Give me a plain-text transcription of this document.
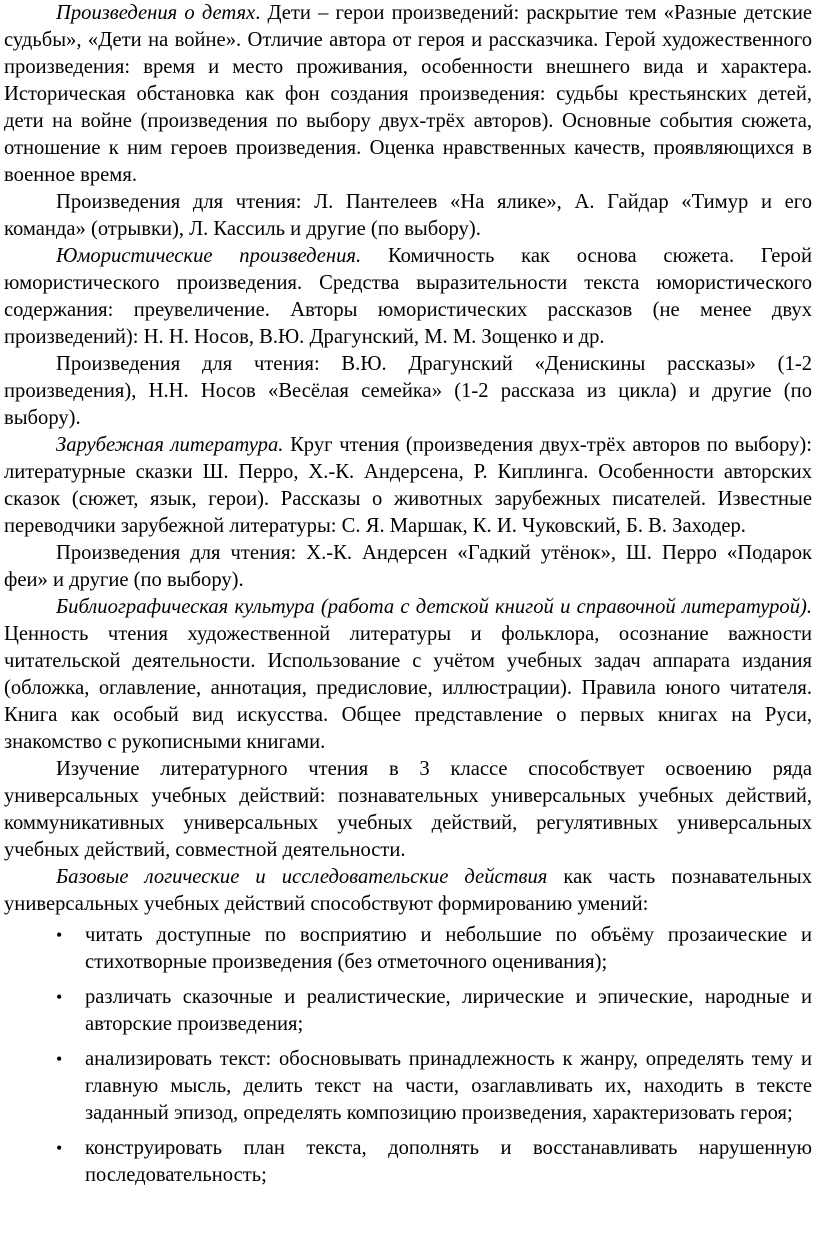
Произведения о детях. Дети – герои произведений: раскрытие тем «Разные детские судьбы», «Дети на войне». Отличие автора от героя и рассказчика. Герой художественного произведения: время и место проживания, особенности внешнего вида и характера. Историческая обстановка как фон создания произведения: судьбы крестьянских детей, дети на войне (произведения по выбору двух-трёх авторов). Основные события сюжета, отношение к ним героев произведения. Оценка нравственных качеств, проявляющихся в военное время.

Произведения для чтения: Л. Пантелеев «На ялике», А. Гайдар «Тимур и его команда» (отрывки), Л. Кассиль и другие (по выбору).

Юмористические произведения. Комичность как основа сюжета. Герой юмористического произведения. Средства выразительности текста юмористического содержания: преувеличение. Авторы юмористических рассказов (не менее двух произведений): Н. Н. Носов, В.Ю. Драгунский, М. М. Зощенко и др.

Произведения для чтения: В.Ю. Драгунский «Денискины рассказы» (1-2 произведения), Н.Н. Носов «Весёлая семейка» (1-2 рассказа из цикла) и другие (по выбору).

Зарубежная литература. Круг чтения (произведения двух-трёх авторов по выбору): литературные сказки Ш. Перро, Х.-К. Андерсена, Р. Киплинга. Особенности авторских сказок (сюжет, язык, герои). Рассказы о животных зарубежных писателей. Известные переводчики зарубежной литературы: С. Я. Маршак, К. И. Чуковский, Б. В. Заходер.

Произведения для чтения: Х.-К. Андерсен «Гадкий утёнок», Ш. Перро «Подарок феи» и другие (по выбору).

Библиографическая культура (работа с детской книгой и справочной литературой). Ценность чтения художественной литературы и фольклора, осознание важности читательской деятельности. Использование с учётом учебных задач аппарата издания (обложка, оглавление, аннотация, предисловие, иллюстрации). Правила юного читателя. Книга как особый вид искусства. Общее представление о первых книгах на Руси, знакомство с рукописными книгами.

Изучение литературного чтения в 3 классе способствует освоению ряда универсальных учебных действий: познавательных универсальных учебных действий, коммуникативных универсальных учебных действий, регулятивных универсальных учебных действий, совместной деятельности.

Базовые логические и исследовательские действия как часть познавательных универсальных учебных действий способствуют формированию умений:

• читать доступные по восприятию и небольшие по объёму прозаические и стихотворные произведения (без отметочного оценивания);
• различать сказочные и реалистические, лирические и эпические, народные и авторские произведения;
• анализировать текст: обосновывать принадлежность к жанру, определять тему и главную мысль, делить текст на части, озаглавливать их, находить в тексте заданный эпизод, определять композицию произведения, характеризовать героя;
• конструировать план текста, дополнять и восстанавливать нарушенную последовательность;
